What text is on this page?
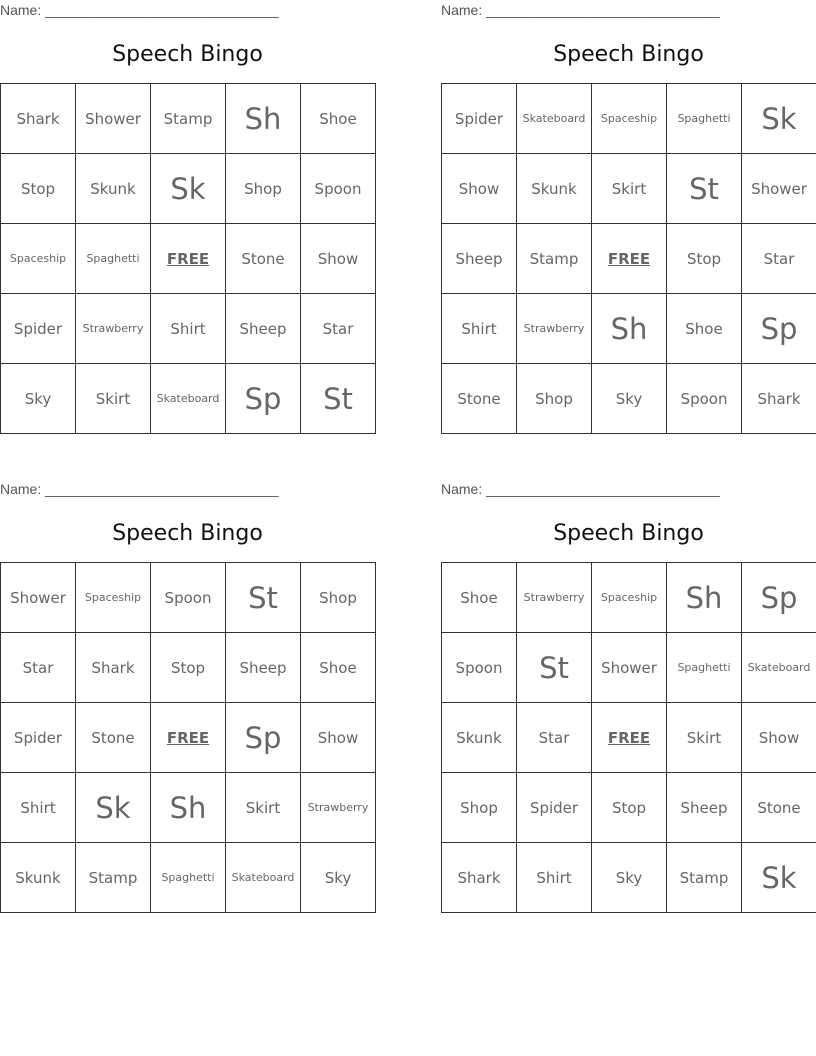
Name: ______________________________
Speech Bingo
Shark	Shower	Stamp	Sh	Shoe
Stop	Skunk	Sk	Shop	Spoon
Spaceship	Spaghetti	FREE	Stone	Show
Spider	Strawberry	Shirt	Sheep	Star
Sky	Skirt	Skateboard	Sp	St
Name: ______________________________
Speech Bingo
Spider	Skateboard	Spaceship	Spaghetti	Sk
Show	Skunk	Skirt	St	Shower
Sheep	Stamp	FREE	Stop	Star
Shirt	Strawberry	Sh	Shoe	Sp
Stone	Shop	Sky	Spoon	Shark
Name: ______________________________
Speech Bingo
Shower	Spaceship	Spoon	St	Shop
Star	Shark	Stop	Sheep	Shoe
Spider	Stone	FREE	Sp	Show
Shirt	Sk	Sh	Skirt	Strawberry
Skunk	Stamp	Spaghetti	Skateboard	Sky
Name: ______________________________
Speech Bingo
Shoe	Strawberry	Spaceship	Sh	Sp
Spoon	St	Shower	Spaghetti	Skateboard
Skunk	Star	FREE	Skirt	Show
Shop	Spider	Stop	Sheep	Stone
Shark	Shirt	Sky	Stamp	Sk
